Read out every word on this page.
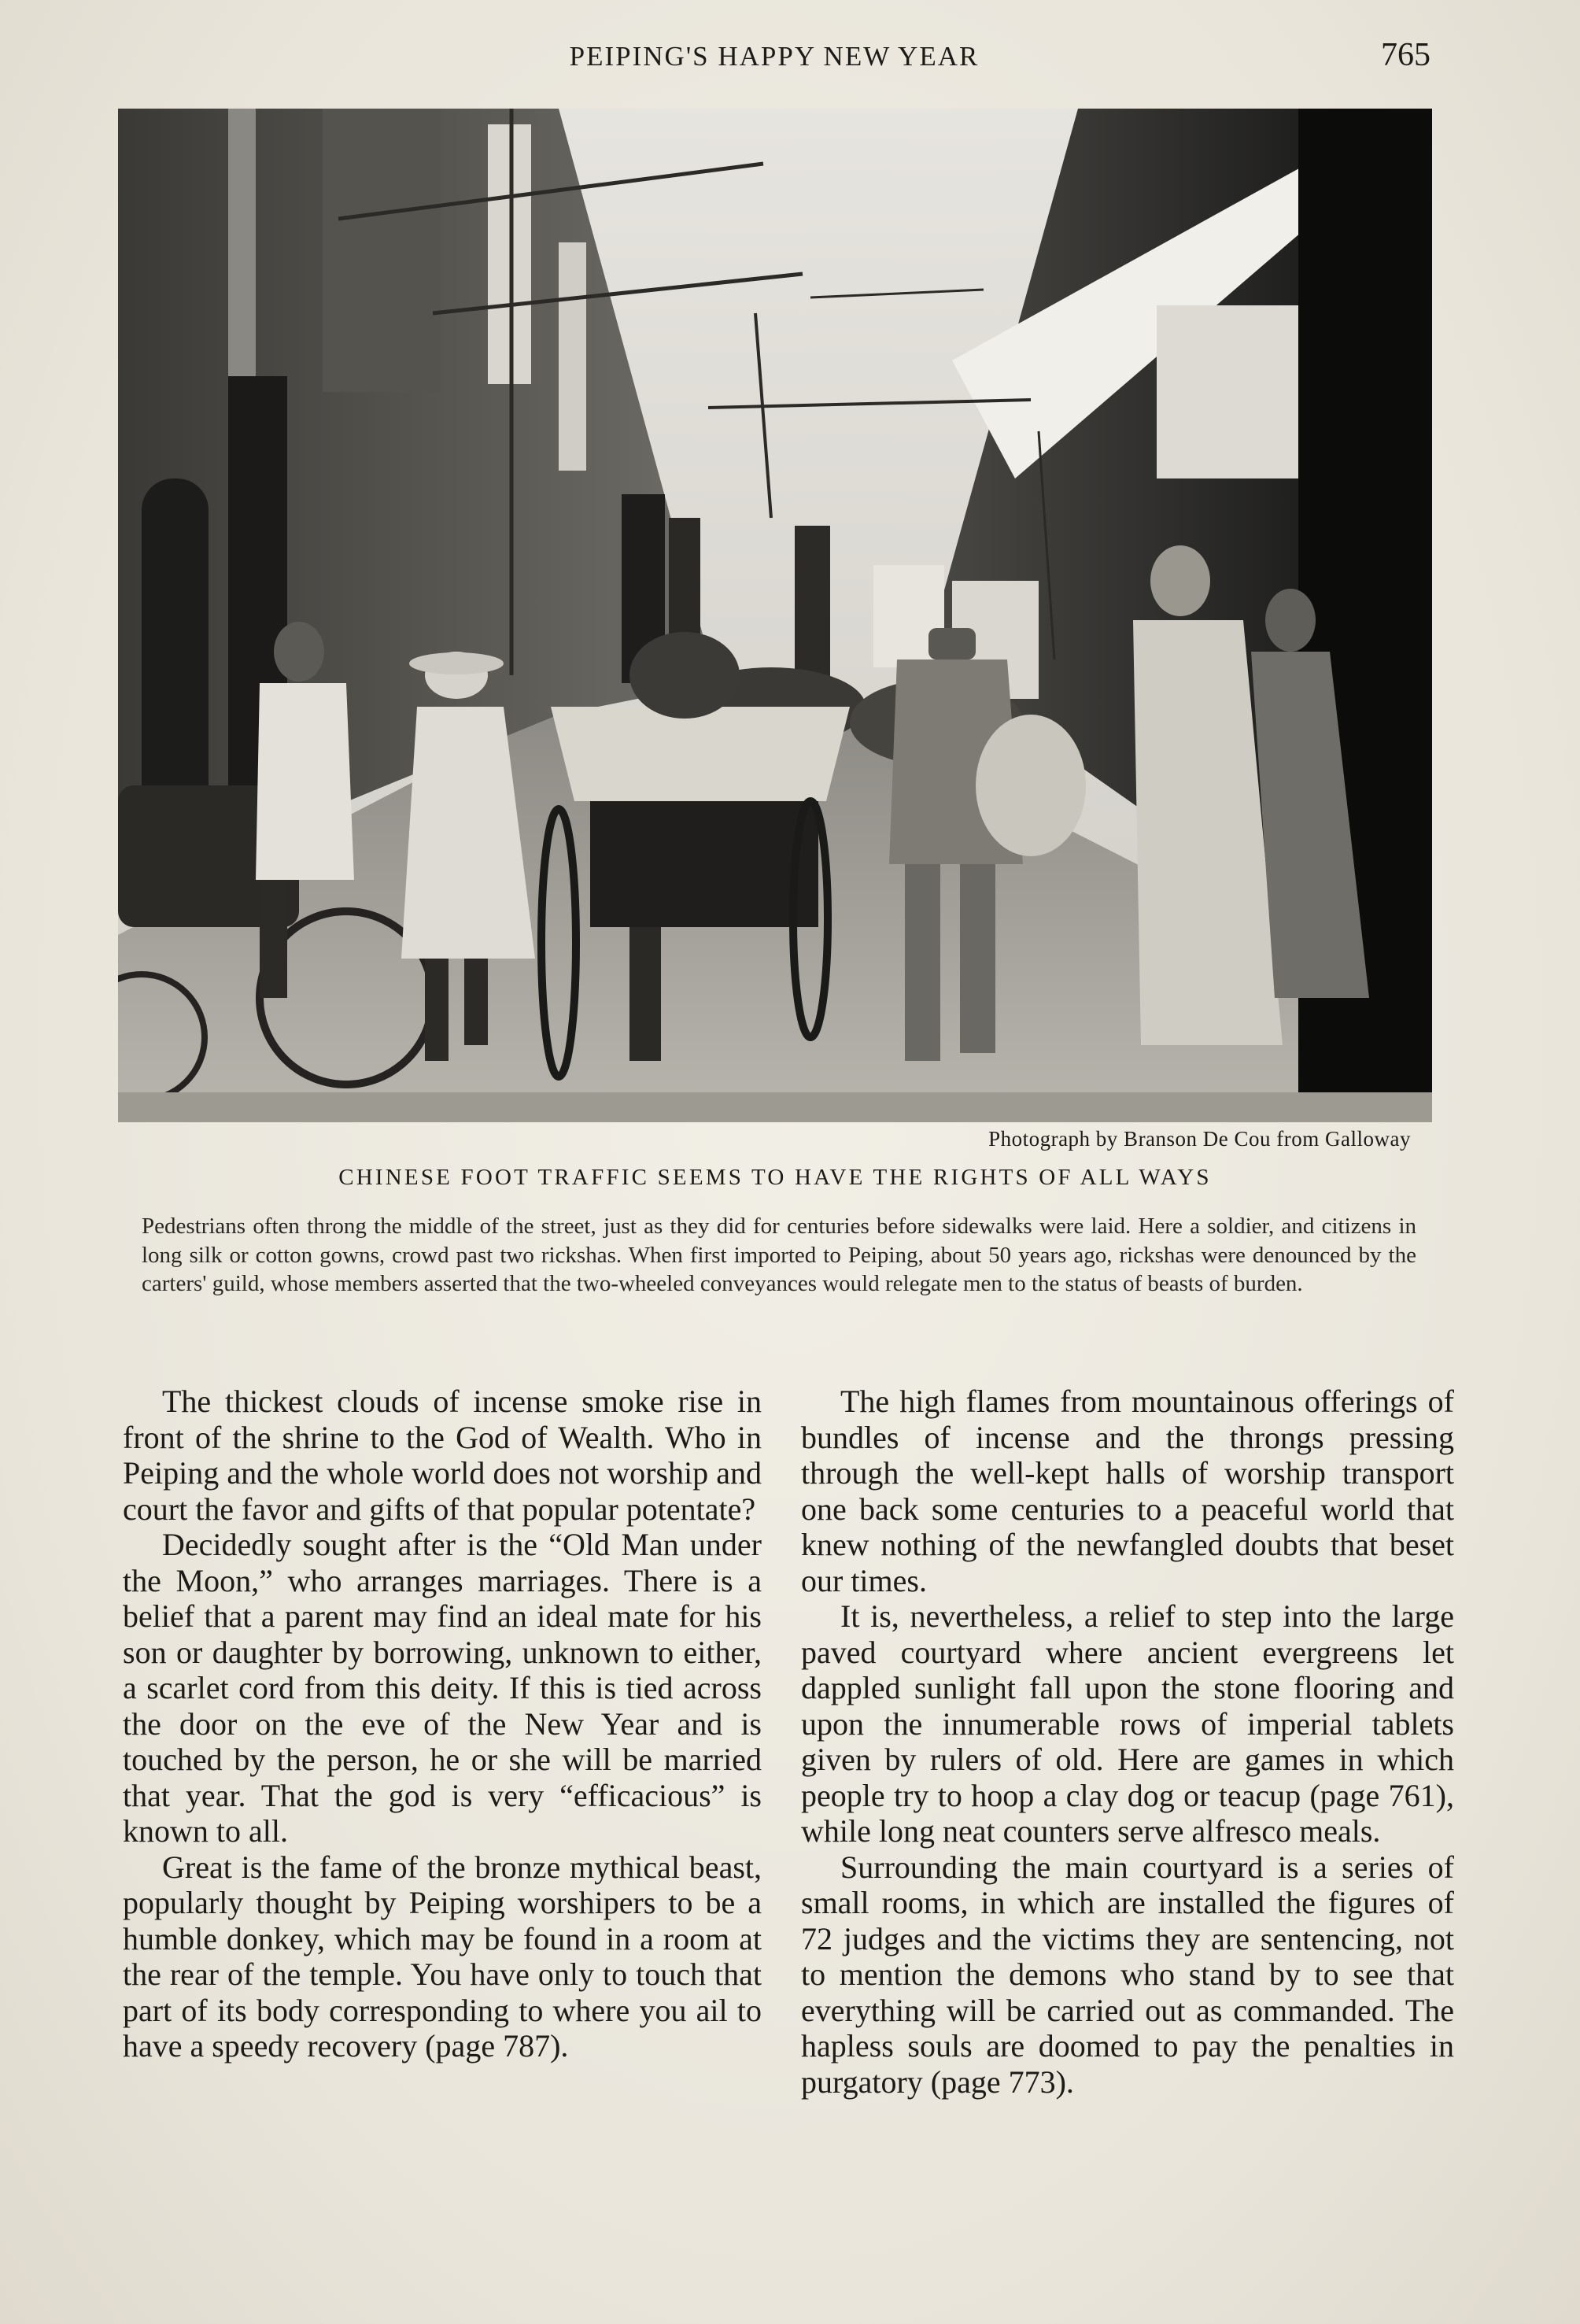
PEIPING'S HAPPY NEW YEAR	765
Photograph by Branson De Cou from Galloway
CHINESE FOOT TRAFFIC SEEMS TO HAVE THE RIGHTS OF ALL WAYS
Pedestrians often throng the middle of the street, just as they did for centuries before sidewalks were laid. Here a soldier, and citizens in long silk or cotton gowns, crowd past two rickshas. When first imported to Peiping, about 50 years ago, rickshas were denounced by the carters' guild, whose members asserted that the two-wheeled conveyances would relegate men to the status of beasts of burden.

The thickest clouds of incense smoke rise in front of the shrine to the God of Wealth. Who in Peiping and the whole world does not worship and court the favor and gifts of that popular potentate?

Decidedly sought after is the “Old Man under the Moon,” who arranges marriages. There is a belief that a parent may find an ideal mate for his son or daughter by borrowing, unknown to either, a scarlet cord from this deity. If this is tied across the door on the eve of the New Year and is touched by the person, he or she will be married that year. That the god is very “efficacious” is known to all.

Great is the fame of the bronze mythical beast, popularly thought by Peiping worshipers to be a humble donkey, which may be found in a room at the rear of the temple. You have only to touch that part of its body corresponding to where you ail to have a speedy recovery (page 787).

The high flames from mountainous offerings of bundles of incense and the throngs pressing through the well-kept halls of worship transport one back some centuries to a peaceful world that knew nothing of the newfangled doubts that beset our times.

It is, nevertheless, a relief to step into the large paved courtyard where ancient evergreens let dappled sunlight fall upon the stone flooring and upon the innumerable rows of imperial tablets given by rulers of old. Here are games in which people try to hoop a clay dog or teacup (page 761), while long neat counters serve alfresco meals.

Surrounding the main courtyard is a series of small rooms, in which are installed the figures of 72 judges and the victims they are sentencing, not to mention the demons who stand by to see that everything will be carried out as commanded. The hapless souls are doomed to pay the penalties in purgatory (page 773).
